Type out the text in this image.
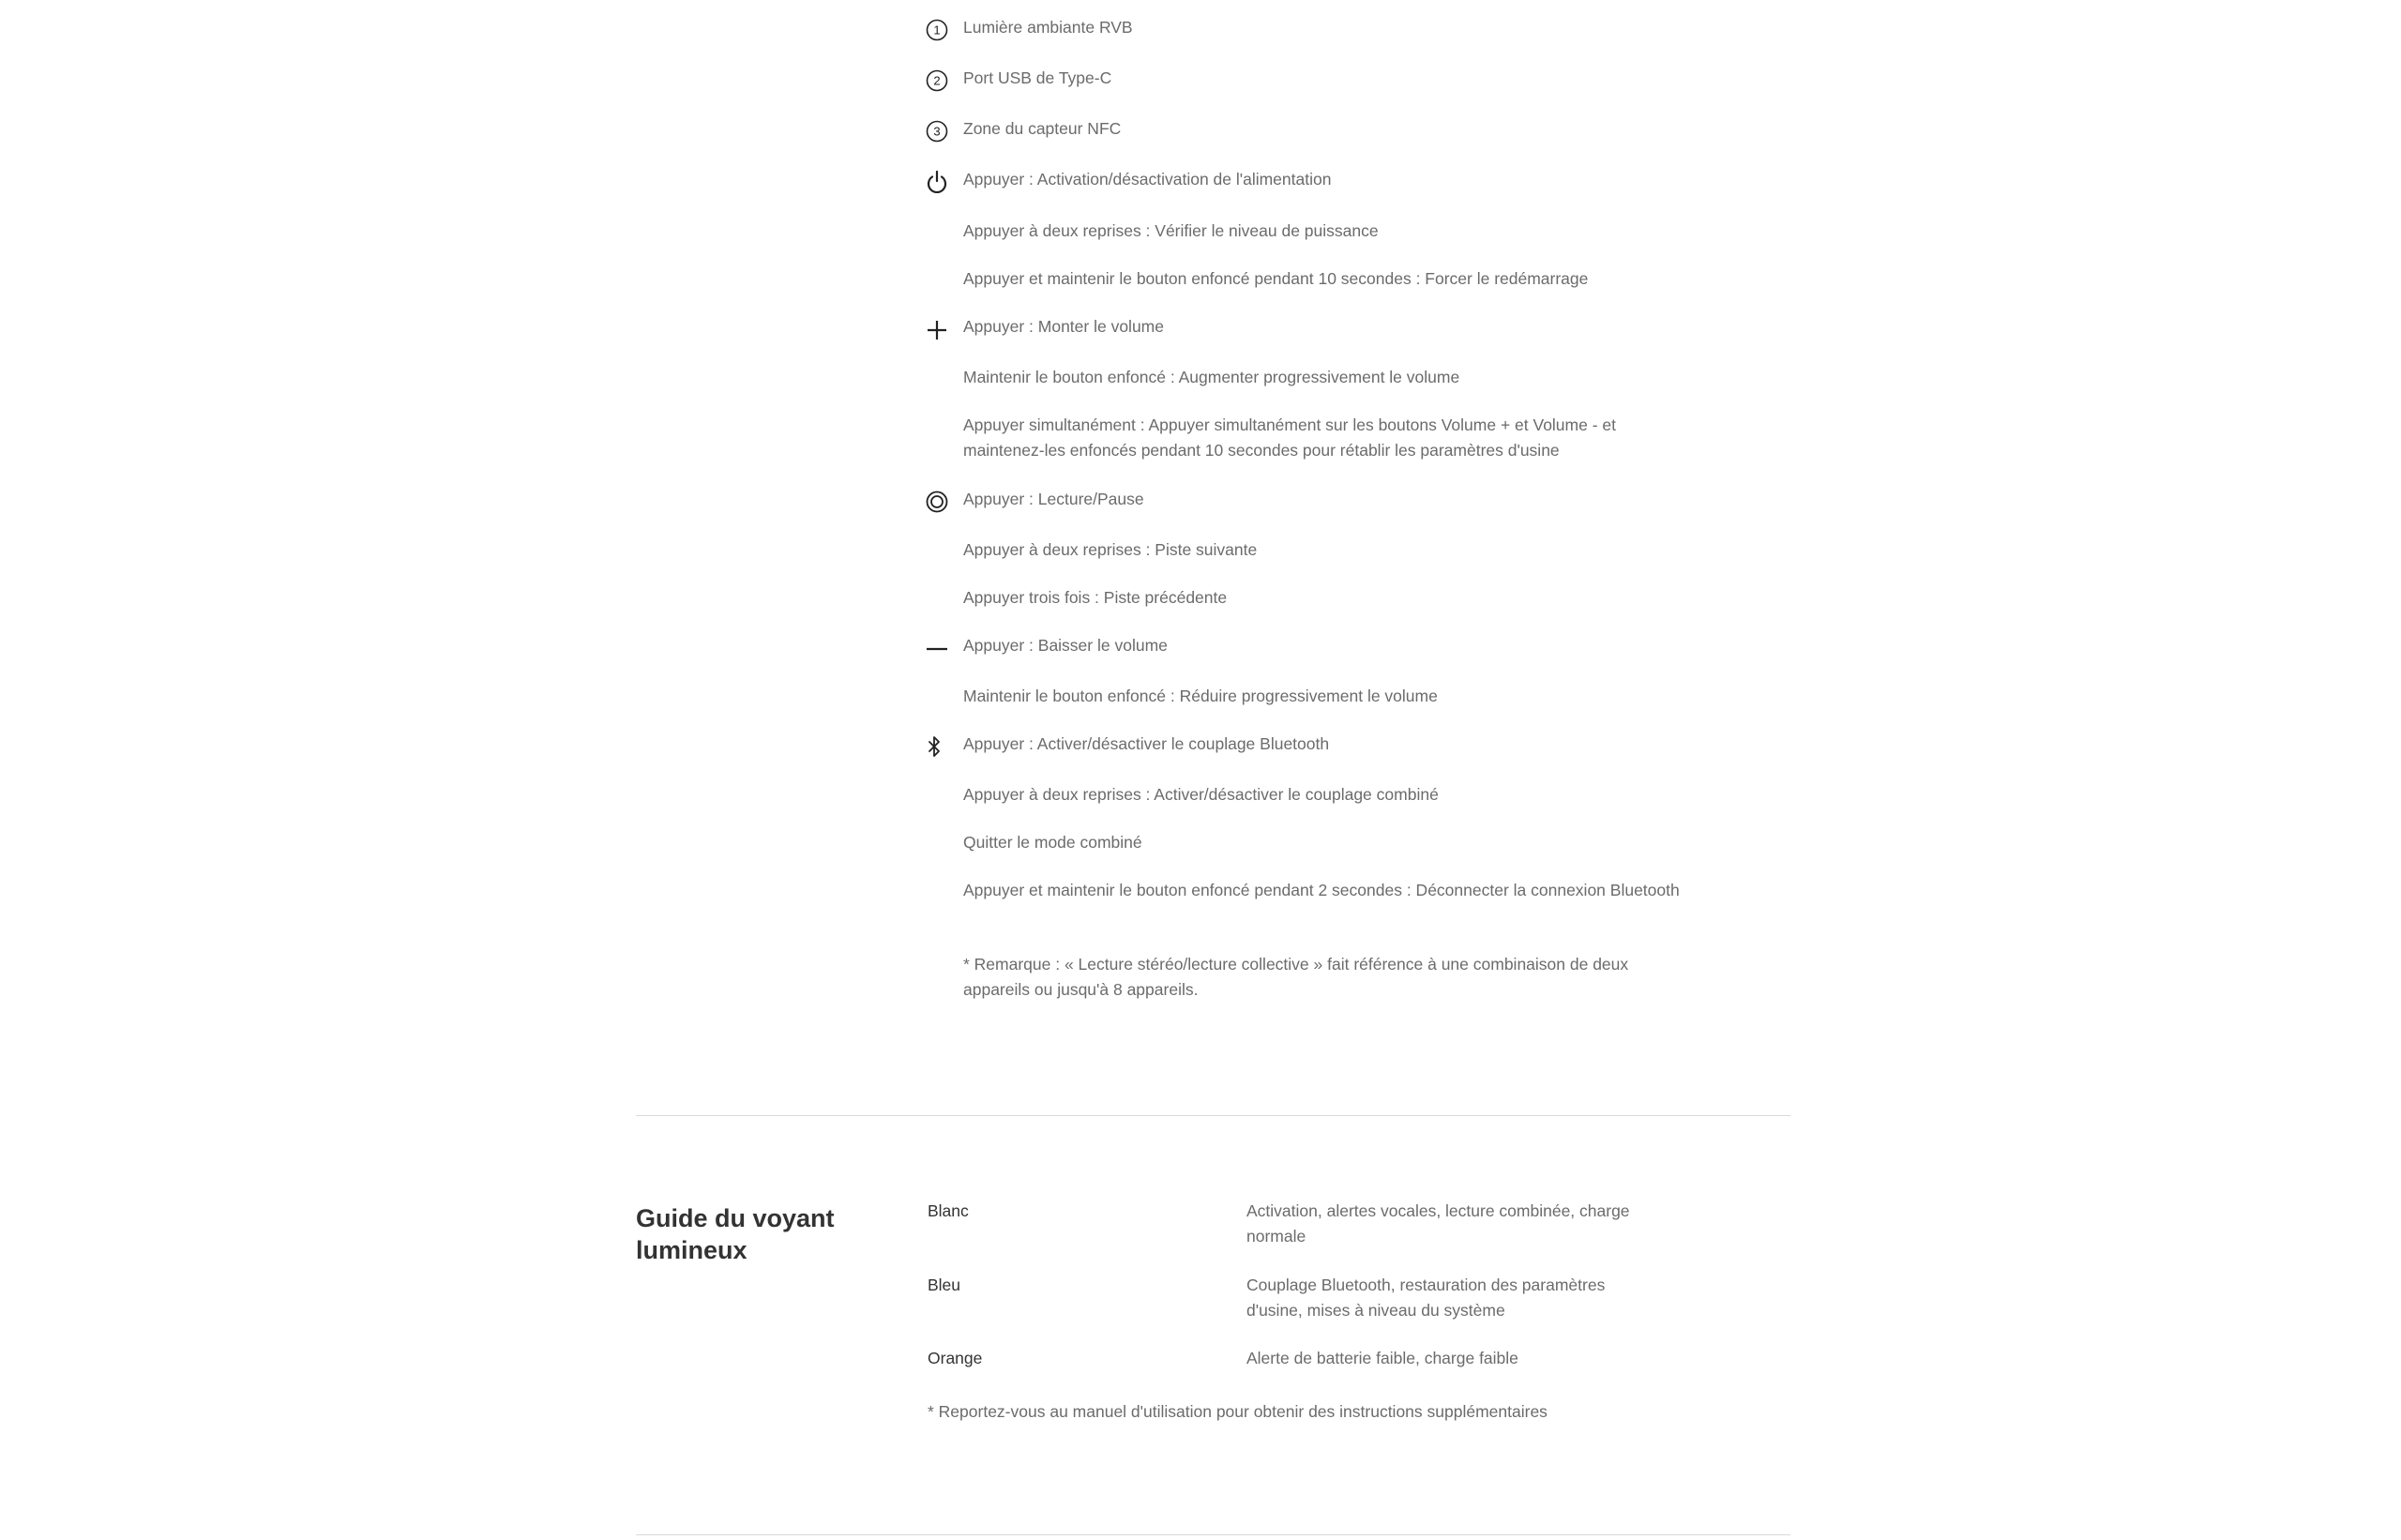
1 Lumière ambiante RVB
2 Port USB de Type-C
3 Zone du capteur NFC
Appuyer : Activation/désactivation de l'alimentation
Appuyer à deux reprises : Vérifier le niveau de puissance
Appuyer et maintenir le bouton enfoncé pendant 10 secondes : Forcer le redémarrage
Appuyer : Monter le volume
Maintenir le bouton enfoncé : Augmenter progressivement le volume
Appuyer simultanément : Appuyer simultanément sur les boutons Volume + et Volume - et maintenez-les enfoncés pendant 10 secondes pour rétablir les paramètres d'usine
Appuyer : Lecture/Pause
Appuyer à deux reprises : Piste suivante
Appuyer trois fois : Piste précédente
Appuyer : Baisser le volume
Maintenir le bouton enfoncé : Réduire progressivement le volume
Appuyer : Activer/désactiver le couplage Bluetooth
Appuyer à deux reprises : Activer/désactiver le couplage combiné
Quitter le mode combiné
Appuyer et maintenir le bouton enfoncé pendant 2 secondes : Déconnecter la connexion Bluetooth
* Remarque : « Lecture stéréo/lecture collective » fait référence à une combinaison de deux appareils ou jusqu'à 8 appareils.
Guide du voyant lumineux
Blanc	Activation, alertes vocales, lecture combinée, charge normale
Bleu	Couplage Bluetooth, restauration des paramètres d'usine, mises à niveau du système
Orange	Alerte de batterie faible, charge faible
* Reportez-vous au manuel d'utilisation pour obtenir des instructions supplémentaires
